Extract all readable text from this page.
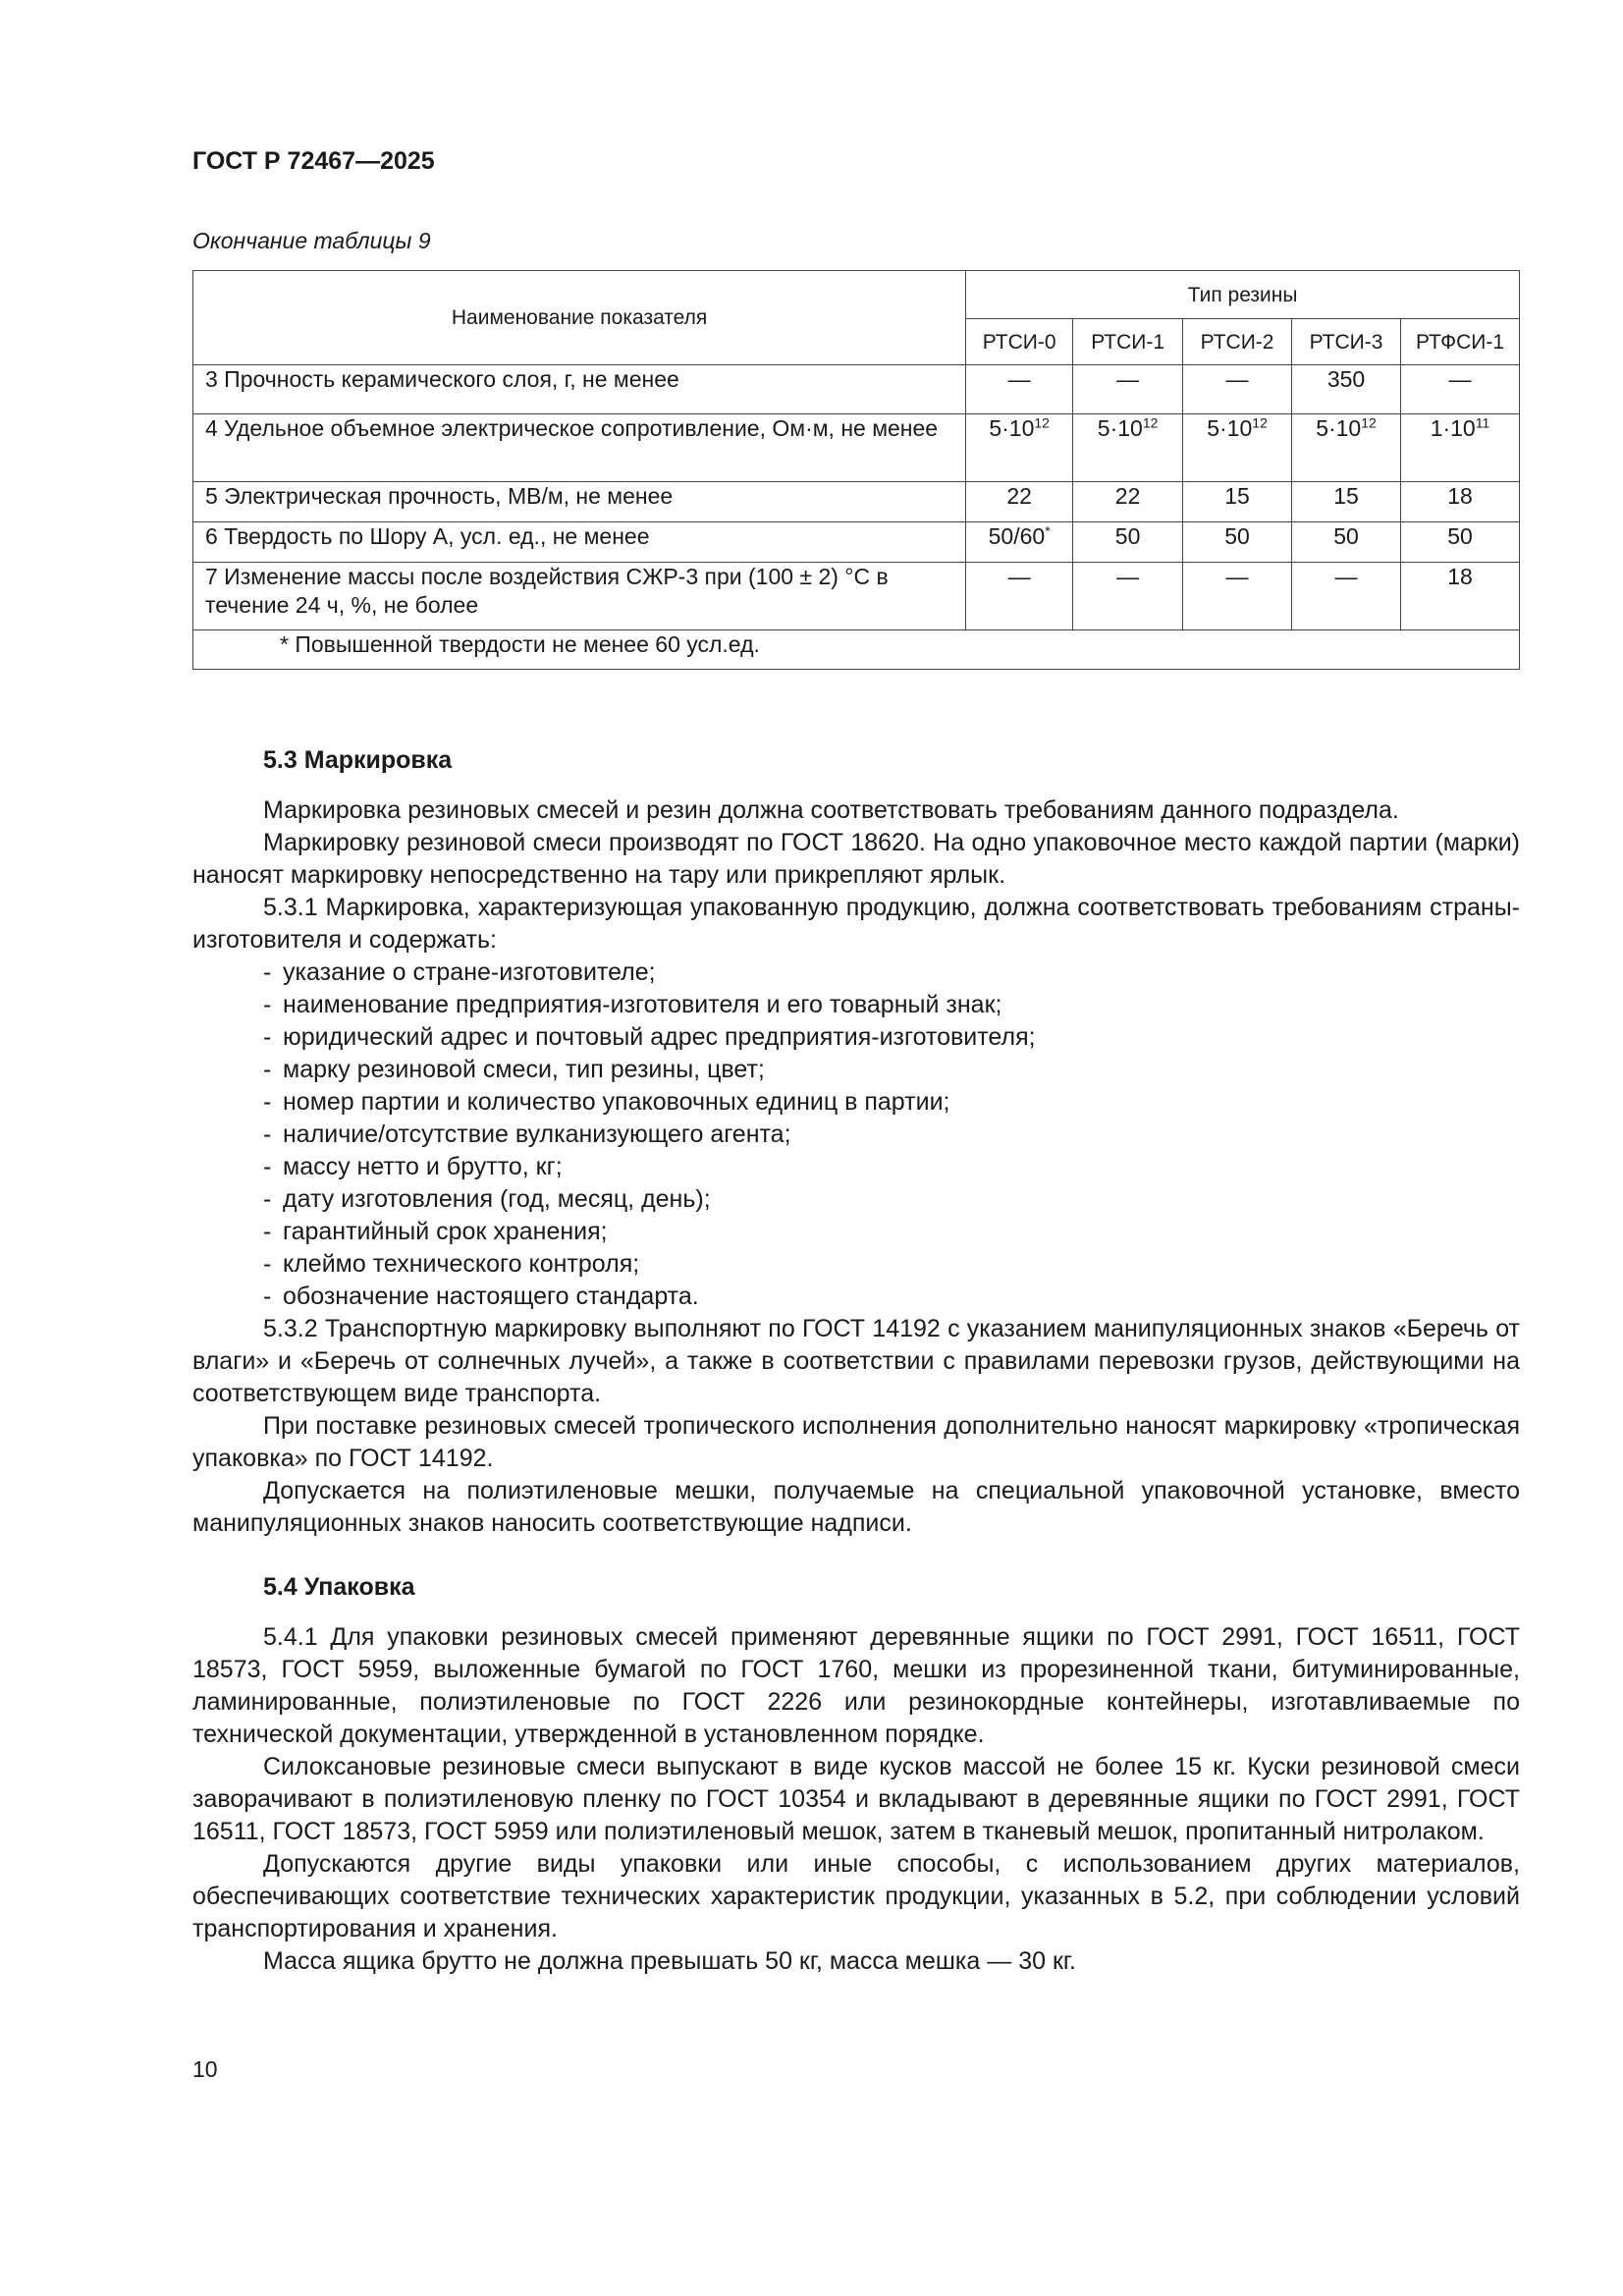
ГОСТ Р 72467—2025
Окончание таблицы 9
Наименование показателя	Тип резины				
	РТСИ-0	РТСИ-1	РТСИ-2	РТСИ-3	РТФСИ-1
3 Прочность керамического слоя, г, не менее	—	—	—	350	—
4 Удельное объемное электрическое сопротивление, Ом·м, не менее	$5\cdot 10^{12}$	$5\cdot 10^{12}$	$5\cdot 10^{12}$	$5\cdot 10^{12}$	$1\cdot 10^{11}$
5 Электрическая прочность, МВ/м, не менее	22	22	15	15	18
6 Твердость по Шору А, усл. ед., не менее	50/60*	50	50	50	50
7 Изменение массы после воздействия СЖР-3 при (100 ± 2) °С в течение 24 ч, %, не более	—	—	—	—	18
* Повышенной твердости не менее 60 усл.ед.					
5.3 Маркировка

Маркировка резиновых смесей и резин должна соответствовать требованиям данного подраздела.

Маркировку резиновой смеси производят по ГОСТ 18620. На одно упаковочное место каждой партии (марки) наносят маркировку непосредственно на тару или прикрепляют ярлык.

5.3.1 Маркировка, характеризующая упакованную продукцию, должна соответствовать требованиям страны-изготовителя и содержать:

- указание о стране-изготовителе;
- наименование предприятия-изготовителя и его товарный знак;
- юридический адрес и почтовый адрес предприятия-изготовителя;
- марку резиновой смеси, тип резины, цвет;
- номер партии и количество упаковочных единиц в партии;
- наличие/отсутствие вулканизующего агента;
- массу нетто и брутто, кг;
- дату изготовления (год, месяц, день);
- гарантийный срок хранения;
- клеймо технического контроля;
- обозначение настоящего стандарта.

5.3.2 Транспортную маркировку выполняют по ГОСТ 14192 с указанием манипуляционных знаков «Беречь от влаги» и «Беречь от солнечных лучей», а также в соответствии с правилами перевозки грузов, действующими на соответствующем виде транспорта.

При поставке резиновых смесей тропического исполнения дополнительно наносят маркировку «тропическая упаковка» по ГОСТ 14192.

Допускается на полиэтиленовые мешки, получаемые на специальной упаковочной установке, вместо манипуляционных знаков наносить соответствующие надписи.

5.4 Упаковка

5.4.1 Для упаковки резиновых смесей применяют деревянные ящики по ГОСТ 2991, ГОСТ 16511, ГОСТ 18573, ГОСТ 5959, выложенные бумагой по ГОСТ 1760, мешки из прорезиненной ткани, битуминированные, ламинированные, полиэтиленовые по ГОСТ 2226 или резинокордные контейнеры, изготавливаемые по технической документации, утвержденной в установленном порядке.

Силоксановые резиновые смеси выпускают в виде кусков массой не более 15 кг. Куски резиновой смеси заворачивают в полиэтиленовую пленку по ГОСТ 10354 и вкладывают в деревянные ящики по ГОСТ 2991, ГОСТ 16511, ГОСТ 18573, ГОСТ 5959 или полиэтиленовый мешок, затем в тканевый мешок, пропитанный нитролаком.

Допускаются другие виды упаковки или иные способы, с использованием других материалов, обеспечивающих соответствие технических характеристик продукции, указанных в 5.2, при соблюдении условий транспортирования и хранения.

Масса ящика брутто не должна превышать 50 кг, масса мешка — 30 кг.

10
